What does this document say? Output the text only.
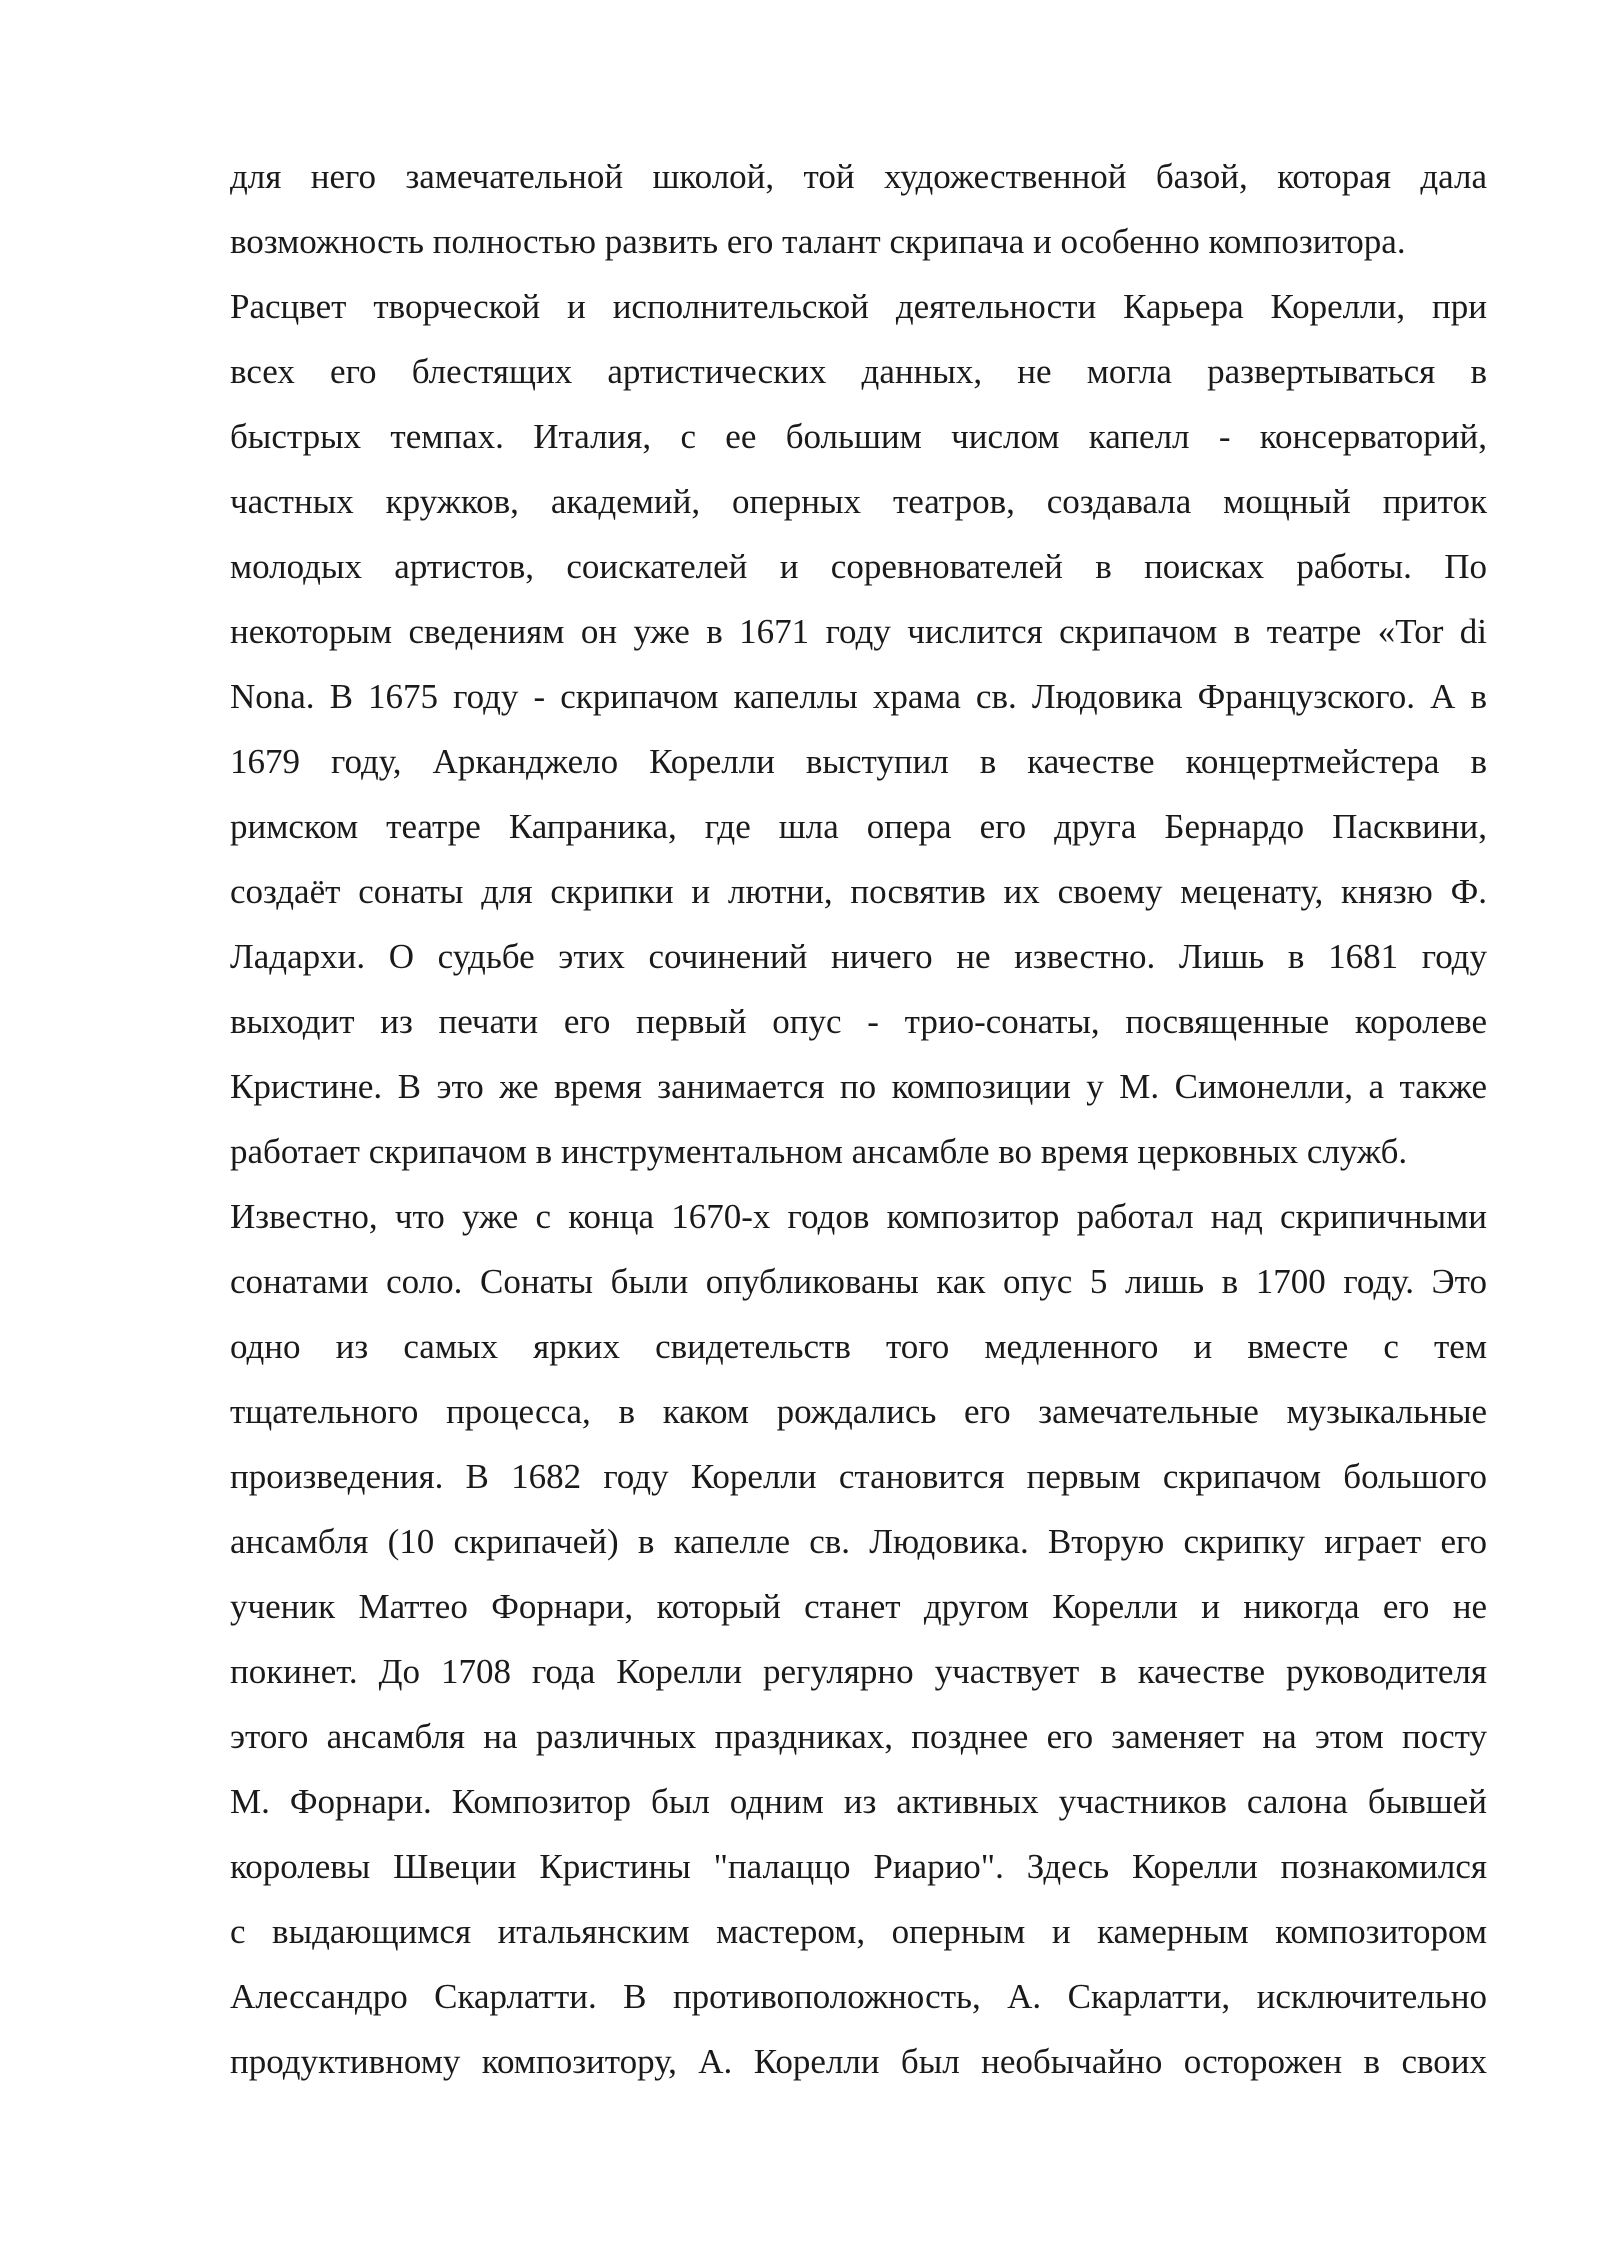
для него замечательной школой, той художественной базой, которая дала
возможность полностью развить его талант скрипача и особенно композитора.
Расцвет творческой и исполнительской деятельности Карьера Корелли, при
всех его блестящих артистических данных, не могла развертываться в
быстрых темпах. Италия, с ее большим числом капелл - консерваторий,
частных кружков, академий, оперных театров, создавала мощный приток
молодых артистов, соискателей и соревнователей в поисках работы. По
некоторым сведениям он уже в 1671 году числится скрипачом в театре «Tor di
Nona. В 1675 году - скрипачом капеллы храма св. Людовика Французского. А в
1679 году, Арканджело Корелли выступил в качестве концертмейстера в
римском театре Капраника, где шла опера его друга Бернардо Пасквини,
создаёт сонаты для скрипки и лютни, посвятив их своему меценату, князю Ф.
Ладархи. О судьбе этих сочинений ничего не известно. Лишь в 1681 году
выходит из печати его первый опус - трио-сонаты, посвященные королеве
Кристине. В это же время занимается по композиции у М. Симонелли, а также
работает скрипачом в инструментальном ансамбле во время церковных служб.
Известно, что уже с конца 1670-х годов композитор работал над скрипичными
сонатами соло. Сонаты были опубликованы как опус 5 лишь в 1700 году. Это
одно из самых ярких свидетельств того медленного и вместе с тем
тщательного процесса, в каком рождались его замечательные музыкальные
произведения. В 1682 году Корелли становится первым скрипачом большого
ансамбля (10 скрипачей) в капелле св. Людовика. Вторую скрипку играет его
ученик Маттео Форнари, который станет другом Корелли и никогда его не
покинет. До 1708 года Корелли регулярно участвует в качестве руководителя
этого ансамбля на различных праздниках, позднее его заменяет на этом посту
М. Форнари. Композитор был одним из активных участников салона бывшей
королевы Швеции Кристины "палаццо Риарио". Здесь Корелли познакомился
с выдающимся итальянским мастером, оперным и камерным композитором
Алессандро Скарлатти. В противоположность, А. Скарлатти, исключительно
продуктивному композитору, А. Корелли был необычайно осторожен в своих
